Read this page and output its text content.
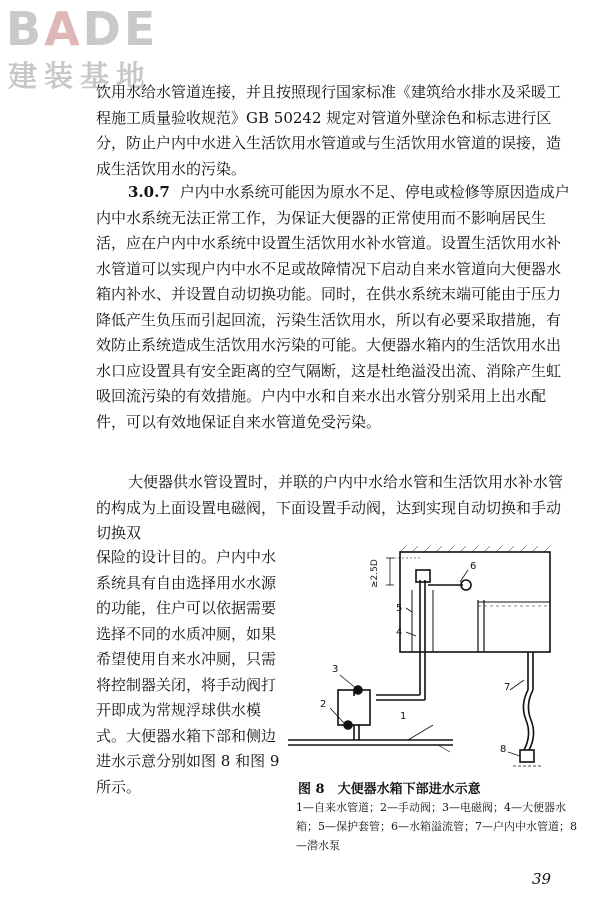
BADE
建装基地
饮用水给水管道连接，并且按照现行国家标准《建筑给水排水及采暖工程施工质量验收规范》GB 50242 规定对管道外壁涂色和标志进行区分，防止户内中水进入生活饮用水管道或与生活饮用水管道的误接，造成生活饮用水的污染。
3.0.7 户内中水系统可能因为原水不足、停电或检修等原因造成户内中水系统无法正常工作，为保证大便器的正常使用而不影响居民生活，应在户内中水系统中设置生活饮用水补水管道。设置生活饮用水补水管道可以实现户内中水不足或故障情况下启动自来水管道向大便器水箱内补水、并设置自动切换功能。同时，在供水系统末端可能由于压力降低产生负压而引起回流，污染生活饮用水，所以有必要采取措施，有效防止系统造成生活饮用水污染的可能。大便器水箱内的生活饮用水出水口应设置具有安全距离的空气隔断，这是杜绝溢没出流、消除产生虹吸回流污染的有效措施。户内中水和自来水出水管分别采用上出水配件，可以有效地保证自来水管道免受污染。
大便器供水管设置时，并联的户内中水给水管和生活饮用水补水管的构成为上面设置电磁阀，下面设置手动阀，达到实现自动切换和手动切换双
保险的设计目的。户内中水系统具有自由选择用水水源的功能，住户可以依据需要选择不同的水质冲厕，如果希望使用自来水冲厕，只需将控制器关闭，将手动阀打开即成为常规浮球供水模式。大便器水箱下部和侧边进水示意分别如图 8 和图 9 所示。
1
2
3
4
5
6
7
8
≥2.5D
图 8　大便器水箱下部进水示意
1—自来水管道；2—手动阀；3—电磁阀；4—大便器水箱；5—保护套管；6—水箱溢流管；7—户内中水管道；8—潜水泵
39
